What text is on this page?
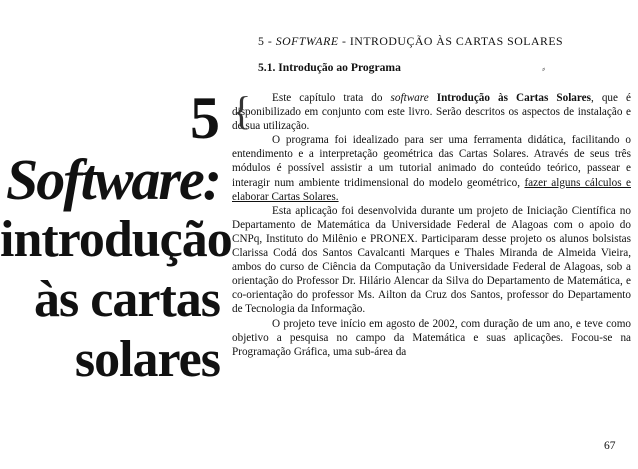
5 - SOFTWARE - INTRODUÇÃO ÀS CARTAS SOLARES
5.1. Introdução ao Programa	⸗
5
Software:
introdução
às cartas
solares
{	Este capítulo trata do software Introdução às Cartas Solares, que é disponibilizado em conjunto com este livro. Serão descritos os aspectos de instalação e de sua utilização.

O programa foi idealizado para ser uma ferramenta didática, facilitando o entendimento e a interpretação geométrica das Cartas Solares. Através de seus três módulos é possível assistir a um tutorial animado do conteúdo teórico, passear e interagir num ambiente tridimensional do modelo geométrico, fazer alguns cálculos e elaborar Cartas Solares.

Esta aplicação foi desenvolvida durante um projeto de Iniciação Científica no Departamento de Matemática da Universidade Federal de Alagoas com o apoio do CNPq, Instituto do Milênio e PRONEX. Participaram desse projeto os alunos bolsistas Clarissa Codá dos Santos Cavalcanti Marques e Thales Miranda de Almeida Vieira, ambos do curso de Ciência da Computação da Universidade Federal de Alagoas, sob a orientação do Professor Dr. Hilário Alencar da Silva do Departamento de Matemática, e co-orientação do professor Ms. Ailton da Cruz dos Santos, professor do Departamento de Tecnologia da Informação.

O projeto teve início em agosto de 2002, com duração de um ano, e teve como objetivo a pesquisa no campo da Matemática e suas aplicações. Focou-se na Programação Gráfica, uma sub-área da

67
